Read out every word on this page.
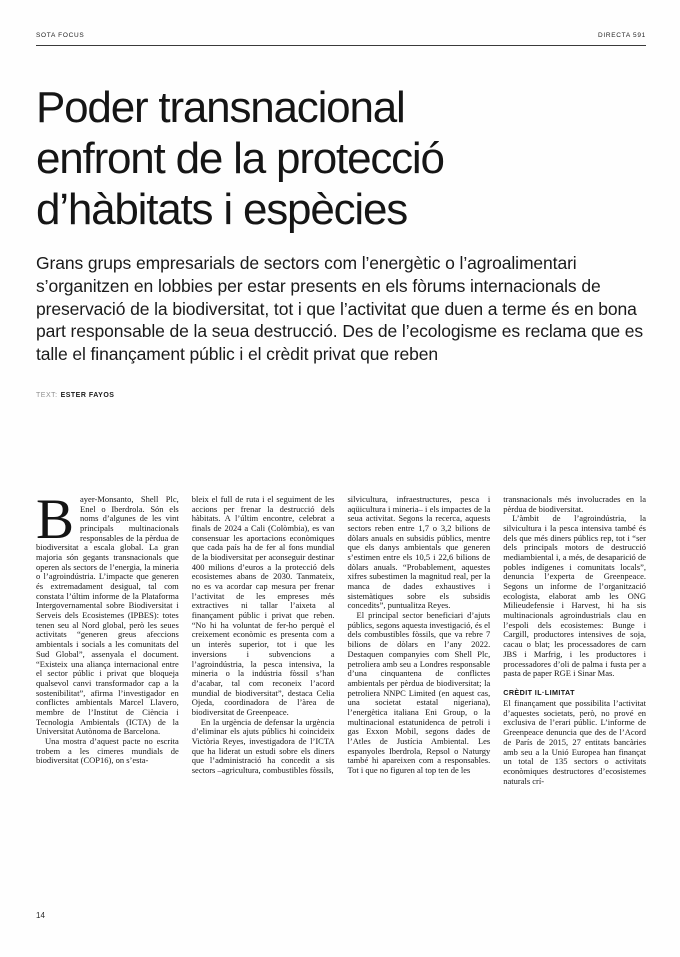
SOTA FOCUS	DIRECTA 591
Poder transnacional
enfront de la protecció
d’hàbitats i espècies

Grans grups empresarials de sectors com l’energètic o l’agroalimentari s’organitzen en lobbies per estar presents en els fòrums internacionals de preservació de la biodiversitat, tot i que l’activitat que duen a terme és en bona part responsable de la seua destrucció. Des de l’ecologisme es reclama que es talle el finançament públic i el crèdit privat que reben

TEXT: ESTER FAYOS

Bayer-Monsanto, Shell Plc, Enel o Iberdrola. Són els noms d’algunes de les vint principals multinacionals responsables de la pèrdua de biodiversitat a escala global. La gran majoria són gegants transnacionals que operen als sectors de l’energia, la mineria o l’agroindústria. L’impacte que generen és extremadament desigual, tal com constata l’últim informe de la Plataforma Intergovernamental sobre Biodiversitat i Serveis dels Ecosistemes (IPBES): totes tenen seu al Nord global, però les seues activitats “generen greus afeccions ambientals i socials a les comunitats del Sud Global”, assenyala el document. “Existeix una aliança internacional entre el sector públic i privat que bloqueja qualsevol canvi transformador cap a la sostenibilitat”, afirma l’investigador en conflictes ambientals Marcel Llavero, membre de l’Institut de Ciència i Tecnologia Ambientals (ICTA) de la Universitat Autònoma de Barcelona.

Una mostra d’aquest pacte no escrita trobem a les cimeres mundials de biodiversitat (COP16), on s’esta-

bleix el full de ruta i el seguiment de les accions per frenar la destrucció dels hàbitats. A l’últim encontre, celebrat a finals de 2024 a Cali (Colòmbia), es van consensuar les aportacions econòmiques que cada país ha de fer al fons mundial de la biodiversitat per aconseguir destinar 400 milions d’euros a la protecció dels ecosistemes abans de 2030. Tanmateix, no es va acordar cap mesura per frenar l’activitat de les empreses més extractives ni tallar l’aixeta al finançament públic i privat que reben. “No hi ha voluntat de fer-ho perquè el creixement econòmic es presenta com a un interès superior, tot i que les inversions i subvencions a l’agroindústria, la pesca intensiva, la mineria o la indústria fòssil s’han d’acabar, tal com reconeix l’acord mundial de biodiversitat”, destaca Celia Ojeda, coordinadora de l’àrea de biodiversitat de Greenpeace.

En la urgència de defensar la urgència d’eliminar els ajuts públics hi coincideix Victòria Reyes, investigadora de l’ICTA que ha liderat un estudi sobre els diners que l’administració ha concedit a sis sectors –agricultura, combustibles fòssils,

silvicultura, infraestructures, pesca i aqüicultura i mineria– i els impactes de la seua activitat. Segons la recerca, aquests sectors reben entre 1,7 o 3,2 bilions de dòlars anuals en subsidis públics, mentre que els danys ambientals que generen s’estimen entre els 10,5 i 22,6 bilions de dòlars anuals. “Probablement, aquestes xifres subestimen la magnitud real, per la manca de dades exhaustives i sistemàtiques sobre els subsidis concedits”, puntualitza Reyes.

El principal sector beneficiari d’ajuts públics, segons aquesta investigació, és el dels combustibles fòssils, que va rebre 7 bilions de dòlars en l’any 2022. Destaquen companyies com Shell Plc, petroliera amb seu a Londres responsable d’una cinquantena de conflictes ambientals per pèrdua de biodiversitat; la petroliera NNPC Limited (en aquest cas, una societat estatal nigeriana), l’energètica italiana Eni Group, o la multinacional estatunidenca de petroli i gas Exxon Mobil, segons dades de l’Atles de Justícia Ambiental. Les espanyoles Iberdrola, Repsol o Naturgy també hi apareixen com a responsables. Tot i que no figuren al top ten de les

transnacionals més involucrades en la pèrdua de biodiversitat.

L’àmbit de l’agroindústria, la silvicultura i la pesca intensiva també és dels que més diners públics rep, tot i “ser dels principals motors de destrucció mediambiental i, a més, de desaparició de pobles indígenes i comunitats locals”, denuncia l’experta de Greenpeace. Segons un informe de l’organització ecologista, elaborat amb les ONG Milieudefensie i Harvest, hi ha sis multinacionals agroindustrials clau en l’espoli dels ecosistemes: Bunge i Cargill, productores intensives de soja, cacau o blat; les processadores de carn JBS i Marfrig, i les productores i processadores d’oli de palma i fusta per a pasta de paper RGE i Sinar Mas.

CRÈDIT IL·LIMITAT

El finançament que possibilita l’activitat d’aquestes societats, però, no prové en exclusiva de l’erari públic. L’informe de Greenpeace denuncia que des de l’Acord de París de 2015, 27 entitats bancàries amb seu a la Unió Europea han finançat un total de 135 sectors o activitats econòmiques destructores d’ecosistemes naturals crí-

14
